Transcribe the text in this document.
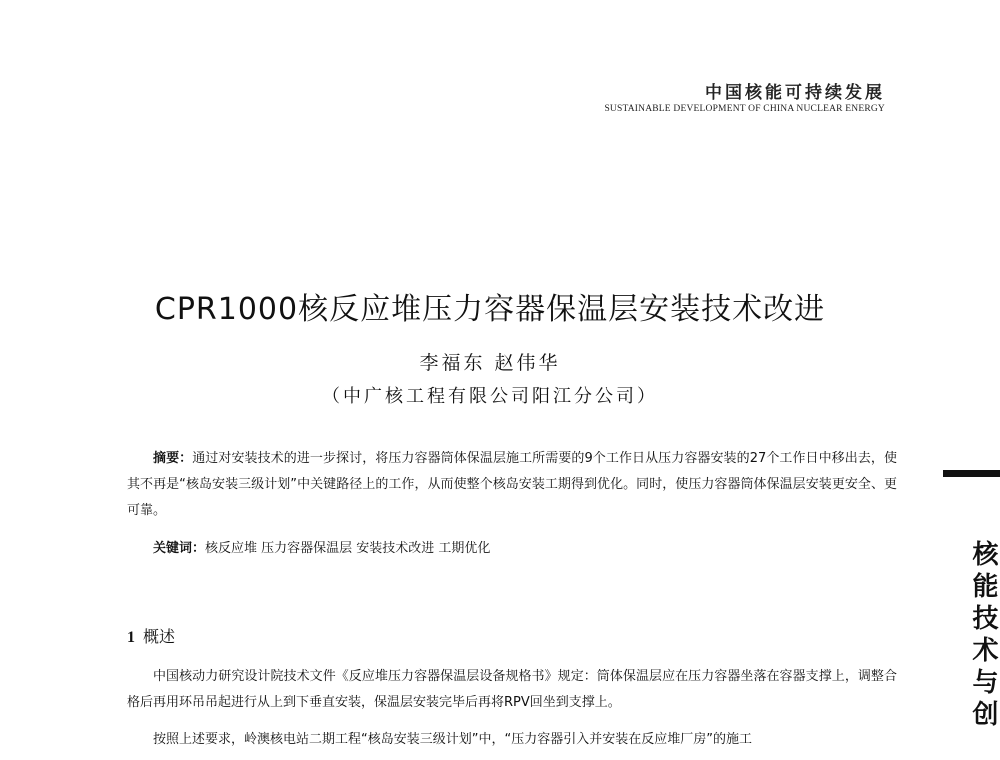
中国核能可持续发展
SUSTAINABLE DEVELOPMENT OF CHINA NUCLEAR ENERGY
CPR1000核反应堆压力容器保温层安装技术改进
李福东 赵伟华
（中广核工程有限公司阳江分公司）

摘要：通过对安装技术的进一步探讨，将压力容器筒体保温层施工所需要的9个工作日从压力容器安装的27个工作日中移出去，使其不再是“核岛安装三级计划”中关键路径上的工作，从而使整个核岛安装工期得到优化。同时，使压力容器筒体保温层安装更安全、更可靠。

关键词：核反应堆 压力容器保温层 安装技术改进 工期优化

1 概述

中国核动力研究设计院技术文件《反应堆压力容器保温层设备规格书》规定：筒体保温层应在压力容器坐落在容器支撑上，调整合格后再用环吊吊起进行从上到下垂直安装，保温层安装完毕后再将RPV回坐到支撑上。

按照上述要求，岭澳核电站二期工程“核岛安装三级计划”中，“压力容器引入并安装在反应堆厂房”的施工

核能技术与创
